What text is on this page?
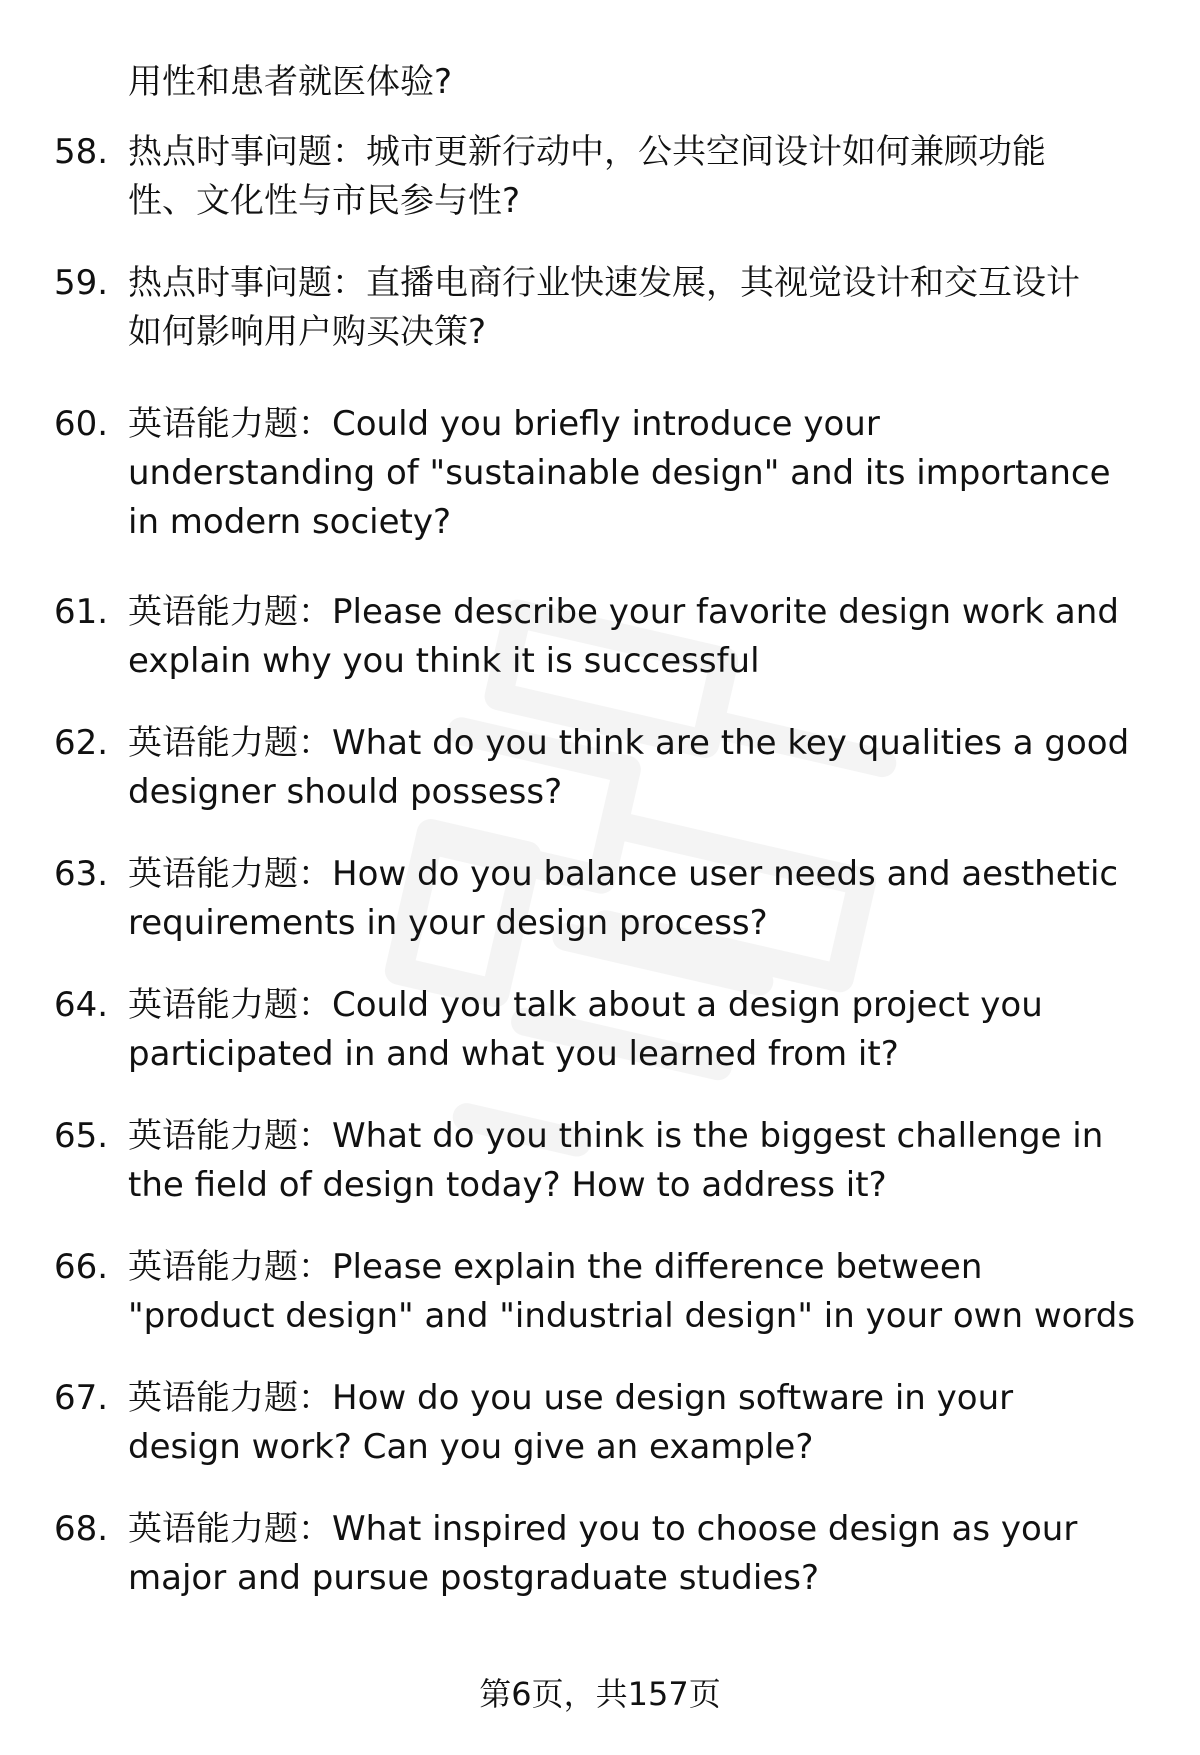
用性和患者就医体验?
58. 热点时事问题：城市更新行动中，公共空间设计如何兼顾功能
性、文化性与市民参与性?
59. 热点时事问题：直播电商行业快速发展，其视觉设计和交互设计
如何影响用户购买决策?
60. 英语能力题：Could you briefly introduce your
understanding of "sustainable design" and its importance
in modern society?
61. 英语能力题：Please describe your favorite design work and
explain why you think it is successful
62. 英语能力题：What do you think are the key qualities a good
designer should possess?
63. 英语能力题：How do you balance user needs and aesthetic
requirements in your design process?
64. 英语能力题：Could you talk about a design project you
participated in and what you learned from it?
65. 英语能力题：What do you think is the biggest challenge in
the field of design today? How to address it?
66. 英语能力题：Please explain the difference between
"product design" and "industrial design" in your own words
67. 英语能力题：How do you use design software in your
design work? Can you give an example?
68. 英语能力题：What inspired you to choose design as your
major and pursue postgraduate studies?
第6页，共157页
